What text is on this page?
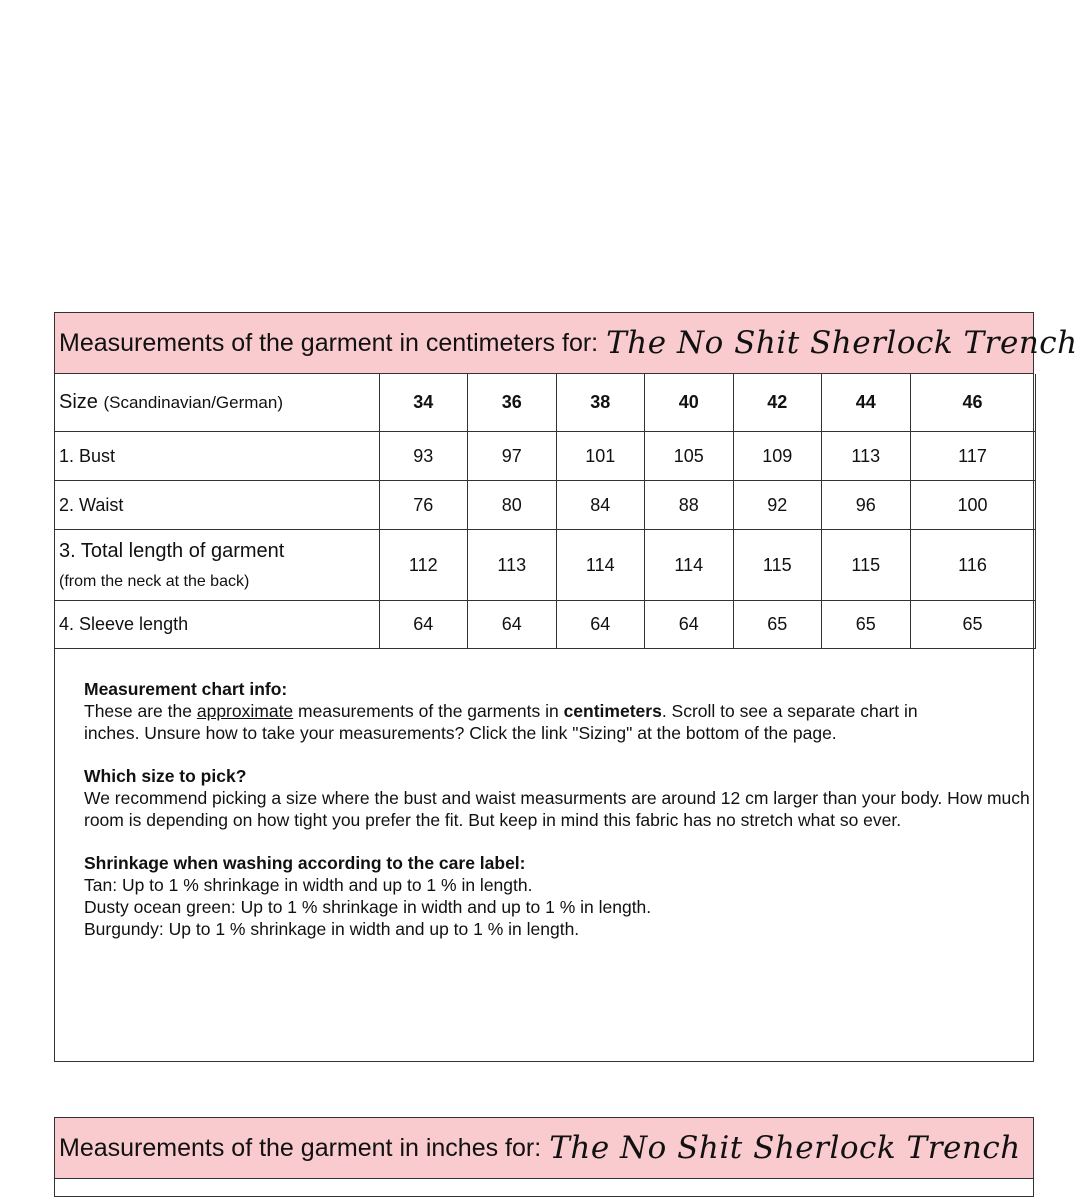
Measurements of the garment in centimeters for: The No Shit Sherlock Trench
Size (Scandinavian/German)	34	36	38	40	42	44	46
1. Bust	93	97	101	105	109	113	117
2. Waist	76	80	84	88	92	96	100
3. Total length of garment
(from the neck at the back)	112	113	114	114	115	115	116
4. Sleeve length	64	64	64	64	65	65	65

Measurement chart info:

These are the approximate measurements of the garments in centimeters. Scroll to see a separate chart in

inches. Unsure how to take your measurements? Click the link "Sizing" at the bottom of the page.

Which size to pick?

We recommend picking a size where the bust and waist measurments are around 12 cm larger than your body. How much

room is depending on how tight you prefer the fit. But keep in mind this fabric has no stretch what so ever.

Shrinkage when washing according to the care label:

Tan: Up to 1 % shrinkage in width and up to 1 % in length.

Dusty ocean green: Up to 1 % shrinkage in width and up to 1 % in length.

Burgundy: Up to 1 % shrinkage in width and up to 1 % in length.

Measurements of the garment in inches for: The No Shit Sherlock Trench
